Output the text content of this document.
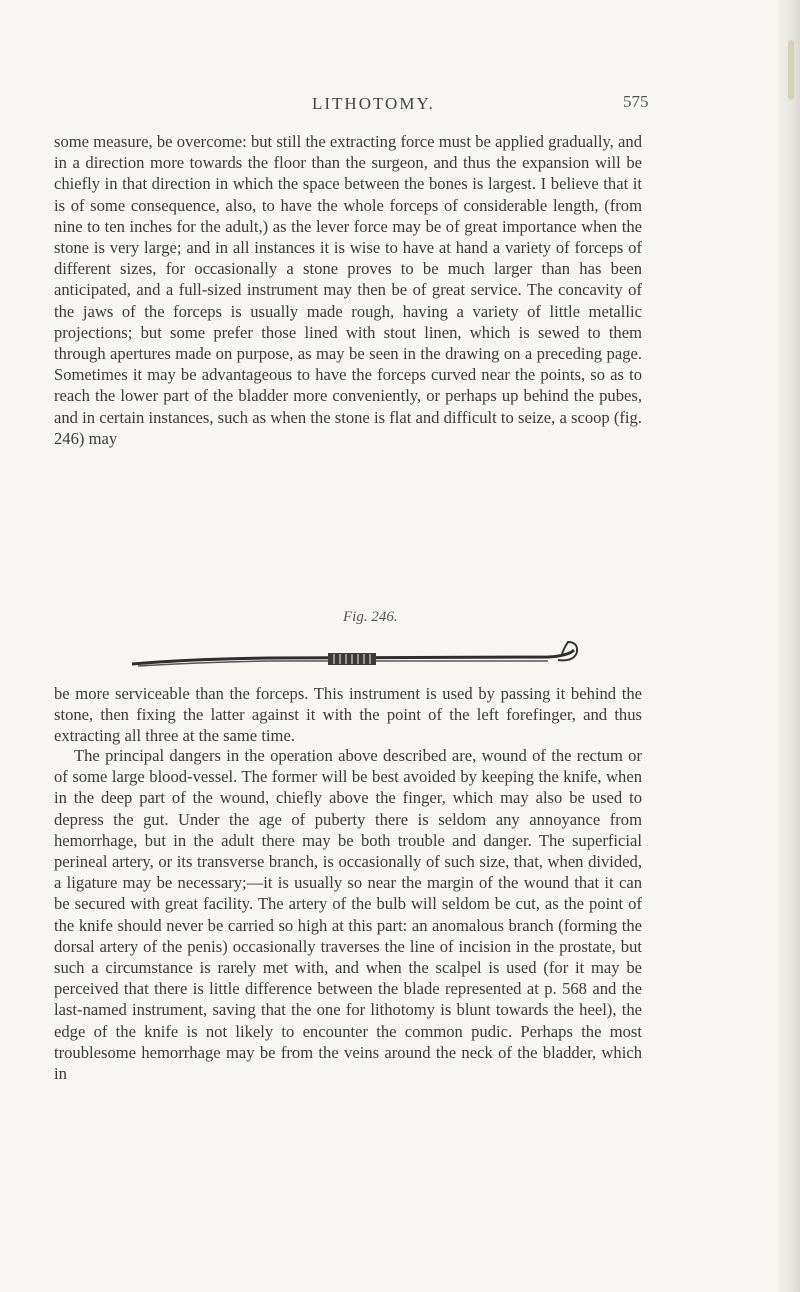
LITHOTOMY.	575

some measure, be overcome: but still the extracting force must be applied gradually, and in a direction more towards the floor than the surgeon, and thus the expansion will be chiefly in that direction in which the space between the bones is largest. I believe that it is of some consequence, also, to have the whole forceps of considerable length, (from nine to ten inches for the adult,) as the lever force may be of great importance when the stone is very large; and in all instances it is wise to have at hand a variety of forceps of different sizes, for occasionally a stone proves to be much larger than has been anticipated, and a full-sized instrument may then be of great service. The concavity of the jaws of the forceps is usually made rough, having a variety of little metallic projections; but some prefer those lined with stout linen, which is sewed to them through apertures made on purpose, as may be seen in the drawing on a preceding page. Sometimes it may be advantageous to have the forceps curved near the points, so as to reach the lower part of the bladder more conveniently, or perhaps up behind the pubes, and in certain instances, such as when the stone is flat and difficult to seize, a scoop (fig. 246) may

Fig. 246.

be more serviceable than the forceps. This instrument is used by passing it behind the stone, then fixing the latter against it with the point of the left forefinger, and thus extracting all three at the same time.

The principal dangers in the operation above described are, wound of the rectum or of some large blood-vessel. The former will be best avoided by keeping the knife, when in the deep part of the wound, chiefly above the finger, which may also be used to depress the gut. Under the age of puberty there is seldom any annoyance from hemorrhage, but in the adult there may be both trouble and danger. The superficial perineal artery, or its transverse branch, is occasionally of such size, that, when divided, a ligature may be necessary;—it is usually so near the margin of the wound that it can be secured with great facility. The artery of the bulb will seldom be cut, as the point of the knife should never be carried so high at this part: an anomalous branch (forming the dorsal artery of the penis) occasionally traverses the line of incision in the prostate, but such a circumstance is rarely met with, and when the scalpel is used (for it may be perceived that there is little difference between the blade represented at p. 568 and the last-named instrument, saving that the one for lithotomy is blunt towards the heel), the edge of the knife is not likely to encounter the common pudic. Perhaps the most troublesome hemorrhage may be from the veins around the neck of the bladder, which in
